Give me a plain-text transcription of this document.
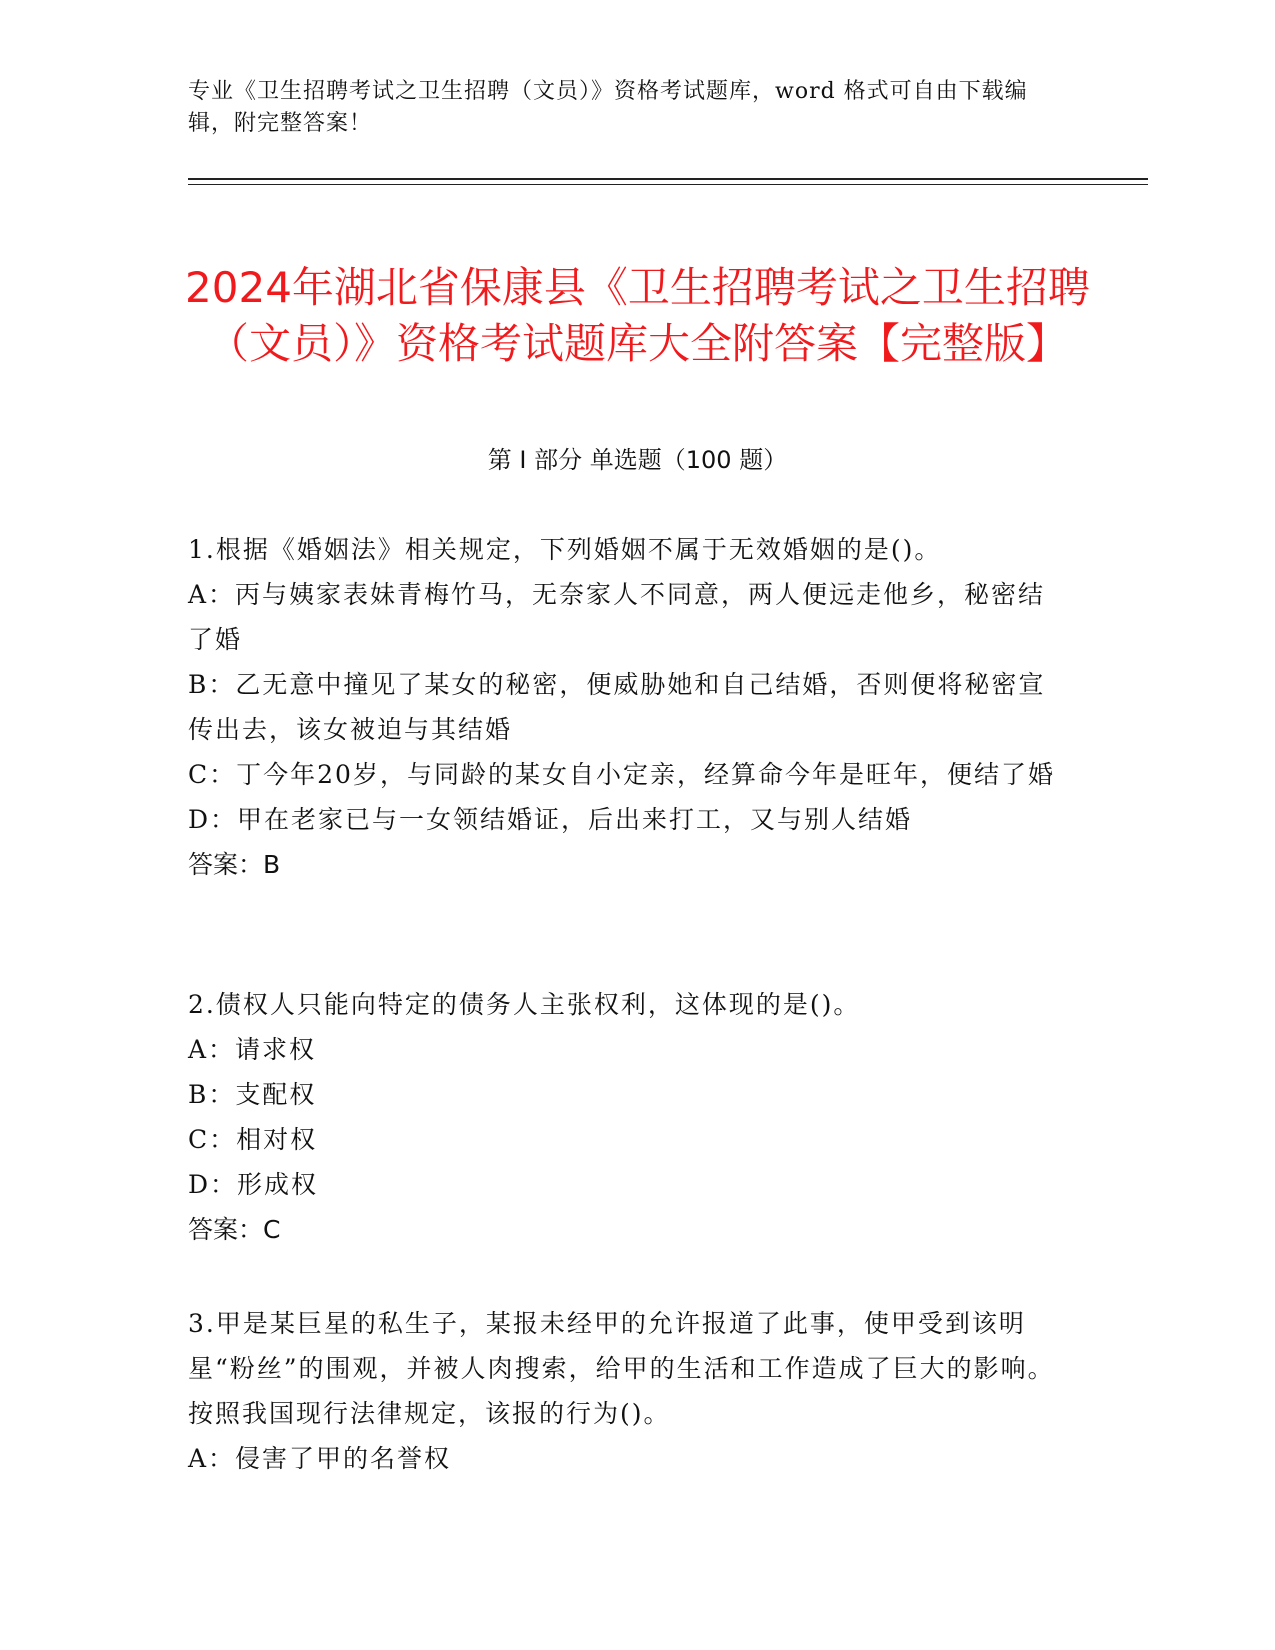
专业《卫生招聘考试之卫生招聘（文员）》资格考试题库，word 格式可自由下载编辑，附完整答案！
2024年湖北省保康县《卫生招聘考试之卫生招聘（文员）》资格考试题库大全附答案【完整版】
第 I 部分 单选题（100 题）

1.根据《婚姻法》相关规定，下列婚姻不属于无效婚姻的是()。

A：丙与姨家表妹青梅竹马，无奈家人不同意，两人便远走他乡，秘密结了婚

B：乙无意中撞见了某女的秘密，便威胁她和自己结婚，否则便将秘密宣传出去，该女被迫与其结婚

C：丁今年20岁，与同龄的某女自小定亲，经算命今年是旺年，便结了婚

D：甲在老家已与一女领结婚证，后出来打工，又与别人结婚

答案：B

2.债权人只能向特定的债务人主张权利，这体现的是()。

A：请求权

B：支配权

C：相对权

D：形成权

答案：C

3.甲是某巨星的私生子，某报未经甲的允许报道了此事，使甲受到该明星“粉丝”的围观，并被人肉搜索，给甲的生活和工作造成了巨大的影响。按照我国现行法律规定，该报的行为()。

A：侵害了甲的名誉权
